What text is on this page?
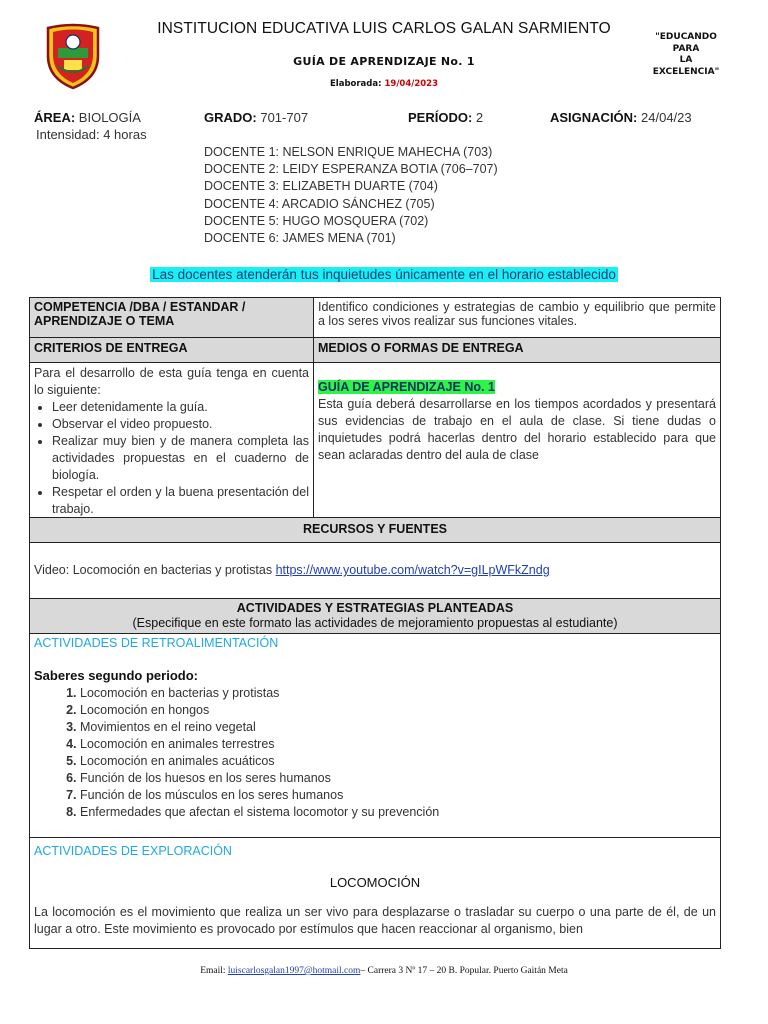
INSTITUCION EDUCATIVA LUIS CARLOS GALAN SARMIENTO
GUÍA DE APRENDIZAJE No. 1
Elaborada: 19/04/2023
"EDUCANDO
PARA
LA
EXCELENCIA"
ÁREA: BIOLOGÍA	GRADO: 701-707	PERÍODO: 2	ASIGNACIÓN: 24/04/23
Intensidad: 4 horas
DOCENTE 1: NELSON ENRIQUE MAHECHA (703)
DOCENTE 2: LEIDY ESPERANZA BOTIA (706–707)
DOCENTE 3: ELIZABETH DUARTE (704)
DOCENTE 4: ARCADIO SÁNCHEZ (705)
DOCENTE 5: HUGO MOSQUERA (702)
DOCENTE 6: JAMES MENA (701)
Las docentes atenderán tus inquietudes únicamente en el horario establecido
COMPETENCIA /DBA / ESTANDAR / APRENDIZAJE O TEMA
Identifico condiciones y estrategias de cambio y equilibrio que permite a los seres vivos realizar sus funciones vitales.
CRITERIOS DE ENTREGA	MEDIOS O FORMAS DE ENTREGA
Para el desarrollo de esta guía tenga en cuenta lo siguiente:
• Leer detenidamente la guía.
• Observar el video propuesto.
• Realizar muy bien y de manera completa las actividades propuestas en el cuaderno de biología.
• Respetar el orden y la buena presentación del trabajo.
GUÍA DE APRENDIZAJE No. 1
Esta guía deberá desarrollarse en los tiempos acordados y presentará sus evidencias de trabajo en el aula de clase. Si tiene dudas o inquietudes podrá hacerlas dentro del horario establecido para que sean aclaradas dentro del aula de clase
RECURSOS Y FUENTES
Video: Locomoción en bacterias y protistas https://www.youtube.com/watch?v=gILpWFkZndg
ACTIVIDADES Y ESTRATEGIAS PLANTEADAS
(Especifique en este formato las actividades de mejoramiento propuestas al estudiante)
ACTIVIDADES DE RETROALIMENTACIÓN
Saberes segundo periodo:
1. Locomoción en bacterias y protistas
2. Locomoción en hongos
3. Movimientos en el reino vegetal
4. Locomoción en animales terrestres
5. Locomoción en animales acuáticos
6. Función de los huesos en los seres humanos
7. Función de los músculos en los seres humanos
8. Enfermedades que afectan el sistema locomotor y su prevención
ACTIVIDADES DE EXPLORACIÓN
LOCOMOCIÓN
La locomoción es el movimiento que realiza un ser vivo para desplazarse o trasladar su cuerpo o una parte de él, de un lugar a otro. Este movimiento es provocado por estímulos que hacen reaccionar al organismo, bien
Email: luiscarlosgalan1997@hotmail.com– Carrera 3 Nº 17 – 20 B. Popular. Puerto Gaitán Meta
